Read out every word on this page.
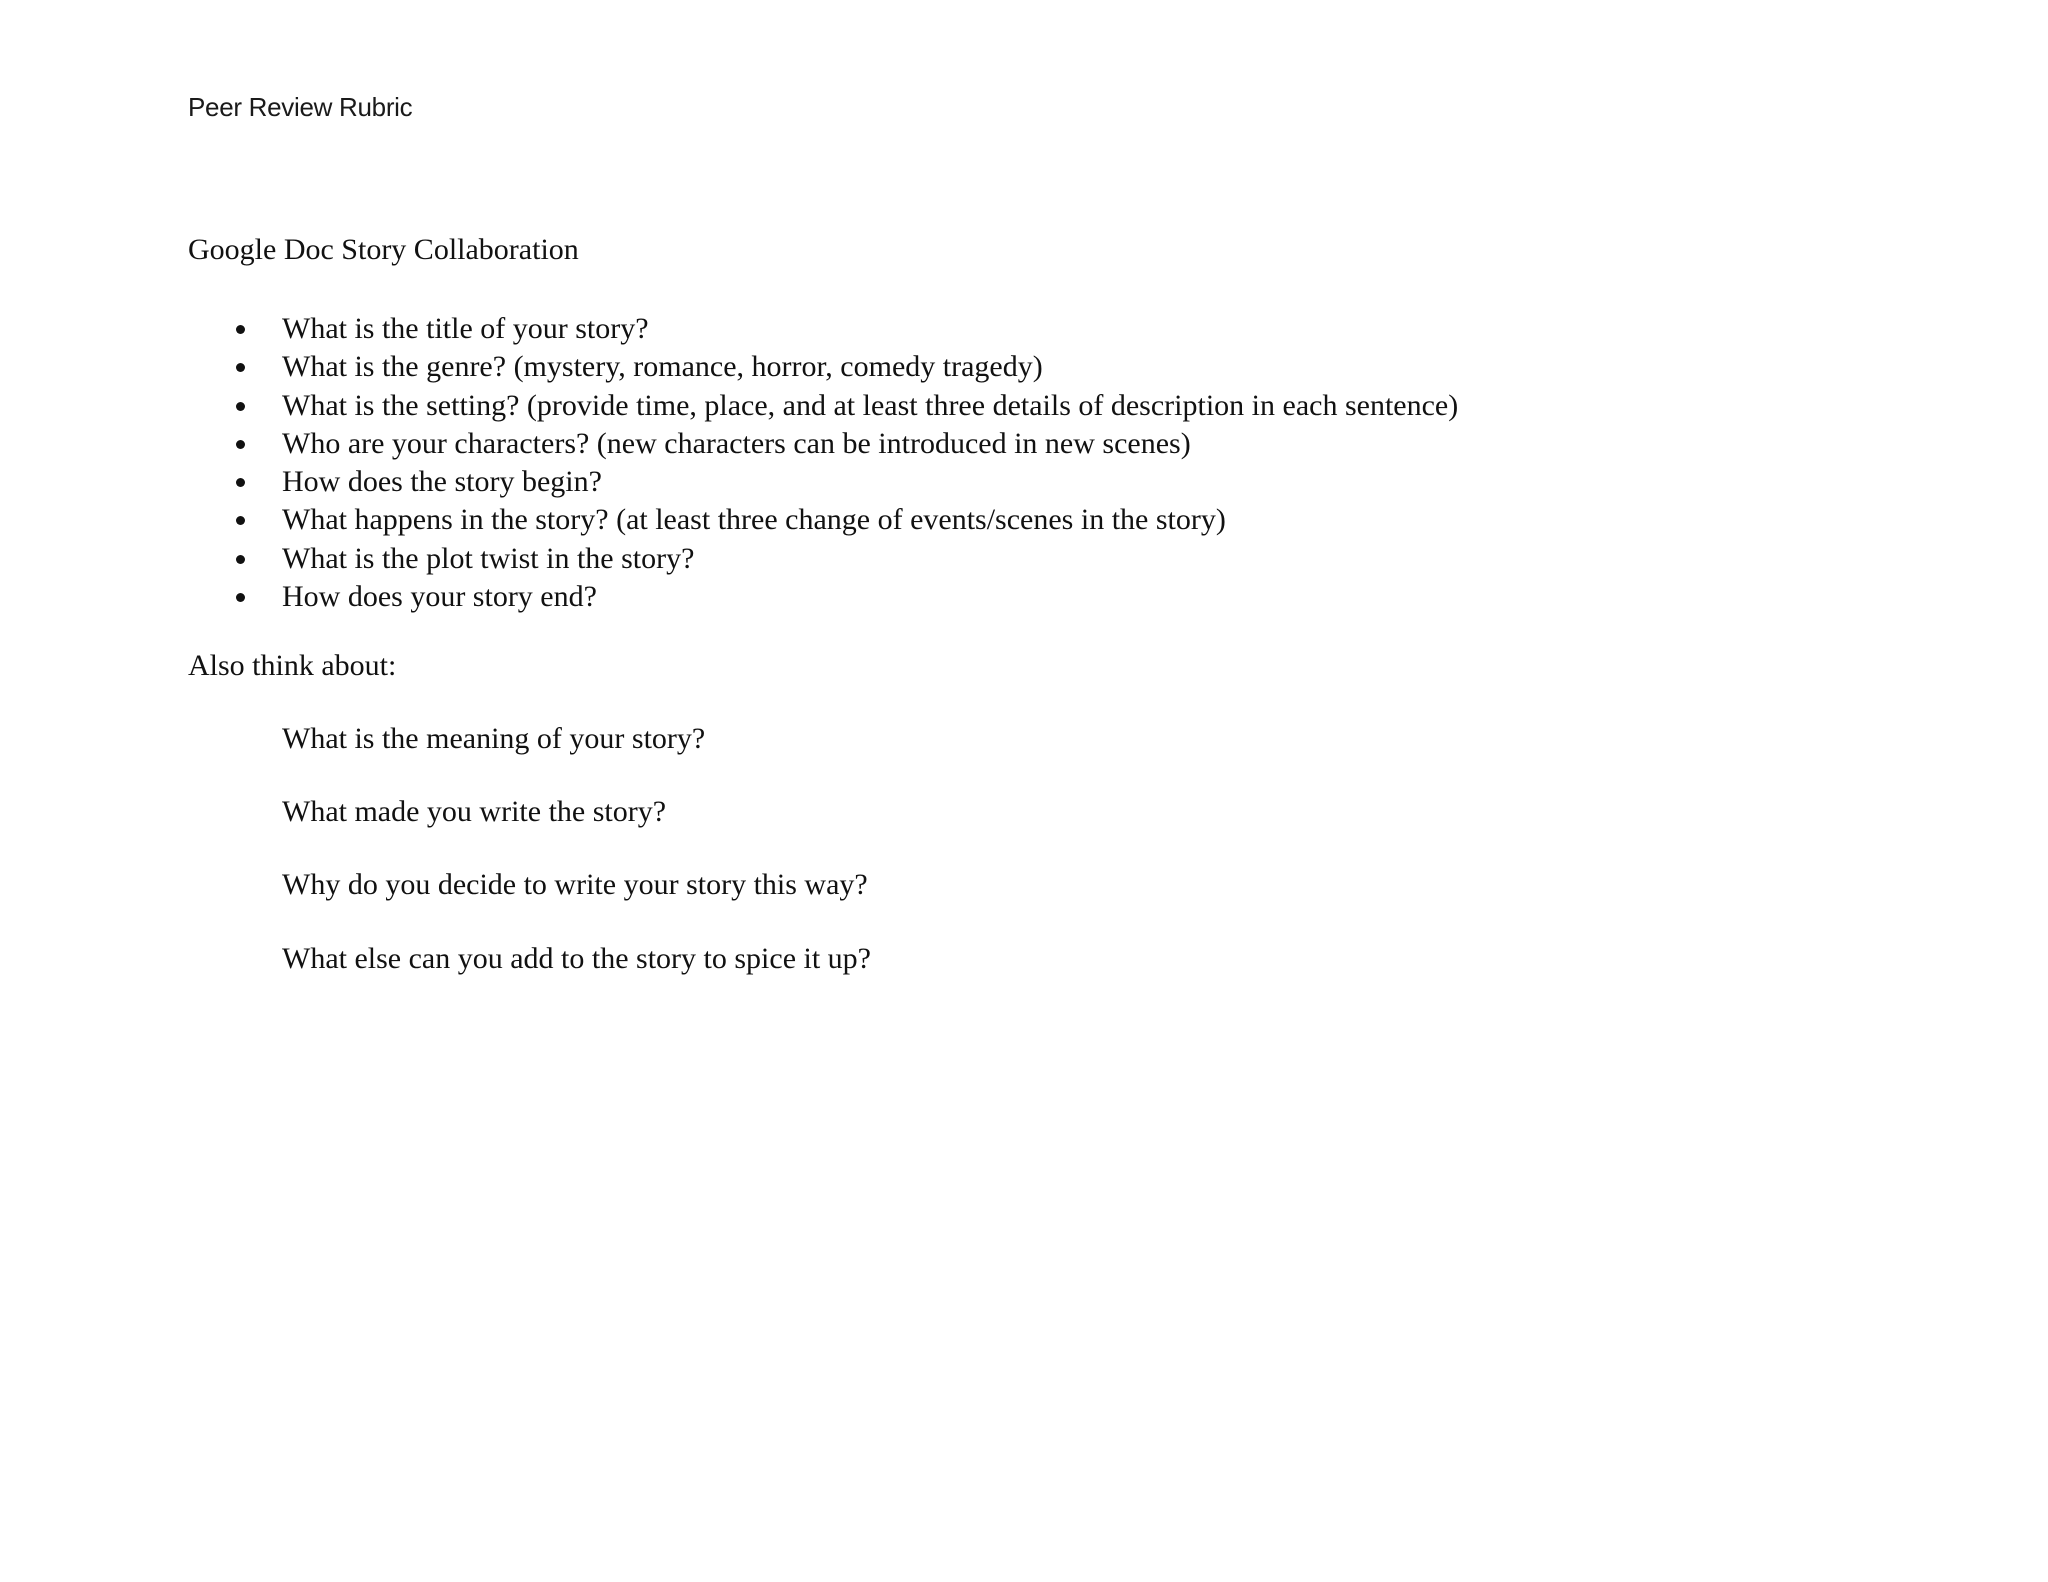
Peer Review Rubric
Google Doc Story Collaboration
What is the title of your story?
What is the genre? (mystery, romance, horror, comedy tragedy)
What is the setting? (provide time, place, and at least three details of description in each sentence)
Who are your characters? (new characters can be introduced in new scenes)
How does the story begin?
What happens in the story? (at least three change of events/scenes in the story)
What is the plot twist in the story?
How does your story end?
Also think about:
What is the meaning of your story?
What made you write the story?
Why do you decide to write your story this way?
What else can you add to the story to spice it up?
